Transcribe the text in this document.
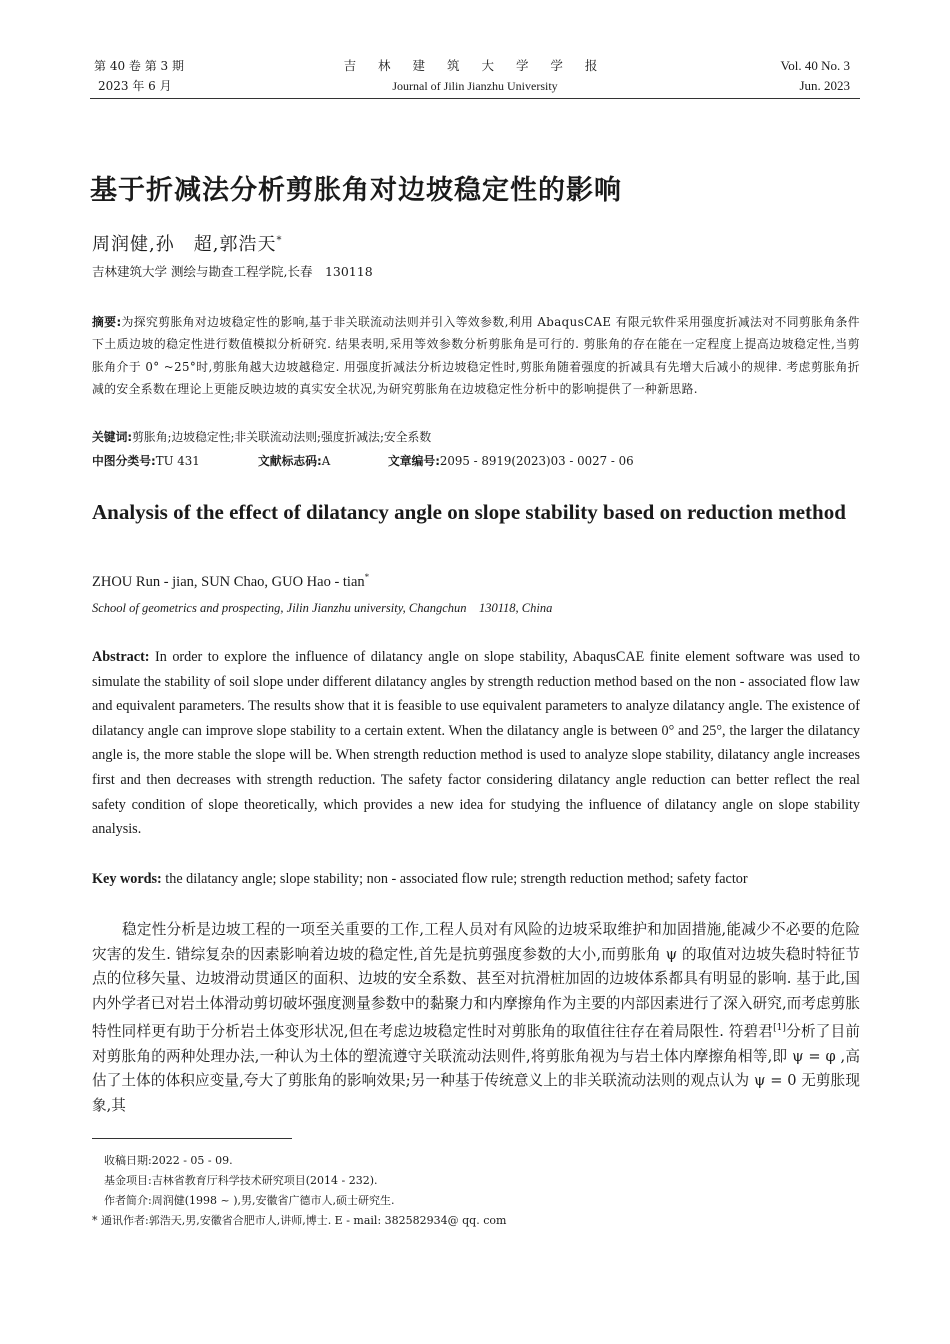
第 40 卷 第 3 期
2023 年 6 月
吉 林 建 筑 大 学 学 报
Journal of Jilin Jianzhu University
Vol. 40 No. 3
Jun. 2023
基于折减法分析剪胀角对边坡稳定性的影响
周润健,孙　超,郭浩天*
吉林建筑大学 测绘与勘查工程学院,长春　130118
摘要:为探究剪胀角对边坡稳定性的影响,基于非关联流动法则并引入等效参数,利用 AbaqusCAE 有限元软件采用强度折减法对不同剪胀角条件下土质边坡的稳定性进行数值模拟分析研究. 结果表明,采用等效参数分析剪胀角是可行的. 剪胀角的存在能在一定程度上提高边坡稳定性,当剪胀角介于 0° ~25°时,剪胀角越大边坡越稳定. 用强度折减法分析边坡稳定性时,剪胀角随着强度的折减具有先增大后减小的规律. 考虑剪胀角折减的安全系数在理论上更能反映边坡的真实安全状况,为研究剪胀角在边坡稳定性分析中的影响提供了一种新思路.
关键词:剪胀角;边坡稳定性;非关联流动法则;强度折减法;安全系数
中图分类号:TU 431	文献标志码:A	文章编号:2095 - 8919(2023)03 - 0027 - 06
Analysis of the effect of dilatancy angle on slope stability based on reduction method
ZHOU Run - jian, SUN Chao, GUO Hao - tian*
School of geometrics and prospecting, Jilin Jianzhu university, Changchun　130118, China
Abstract: In order to explore the influence of dilatancy angle on slope stability, AbaqusCAE finite element software was used to simulate the stability of soil slope under different dilatancy angles by strength reduction method based on the non - associated flow law and equivalent parameters. The results show that it is feasible to use equivalent parameters to analyze dilatancy angle. The existence of dilatancy angle can improve slope stability to a certain extent. When the dilatancy angle is between 0° and 25°, the larger the dilatancy angle is, the more stable the slope will be. When strength reduction method is used to analyze slope stability, dilatancy angle increases first and then decreases with strength reduction. The safety factor considering dilatancy angle reduction can better reflect the real safety condition of slope theoretically, which provides a new idea for studying the influence of dilatancy angle on slope stability analysis.
Key words: the dilatancy angle; slope stability; non - associated flow rule; strength reduction method; safety factor
稳定性分析是边坡工程的一项至关重要的工作,工程人员对有风险的边坡采取维护和加固措施,能减少不必要的危险灾害的发生. 错综复杂的因素影响着边坡的稳定性,首先是抗剪强度参数的大小,而剪胀角 ψ 的取值对边坡失稳时特征节点的位移矢量、边坡滑动贯通区的面积、边坡的安全系数、甚至对抗滑桩加固的边坡体系都具有明显的影响. 基于此,国内外学者已对岩土体滑动剪切破坏强度测量参数中的黏聚力和内摩擦角作为主要的内部因素进行了深入研究,而考虑剪胀特性同样更有助于分析岩土体变形状况,但在考虑边坡稳定性时对剪胀角的取值往往存在着局限性. 符碧君[1]分析了目前对剪胀角的两种处理办法,一种认为土体的塑流遵守关联流动法则件,将剪胀角视为与岩土体内摩擦角相等,即 ψ = φ ,高估了土体的体积应变量,夸大了剪胀角的影响效果;另一种基于传统意义上的非关联流动法则的观点认为 ψ = 0 无剪胀现象,其
收稿日期:2022 - 05 - 09.
基金项目:吉林省教育厅科学技术研究项目(2014 - 232).
作者简介:周润健(1998 ~ ),男,安徽省广德市人,硕士研究生.
* 通讯作者:郭浩天,男,安徽省合肥市人,讲师,博士. E - mail: 382582934@ qq. com
